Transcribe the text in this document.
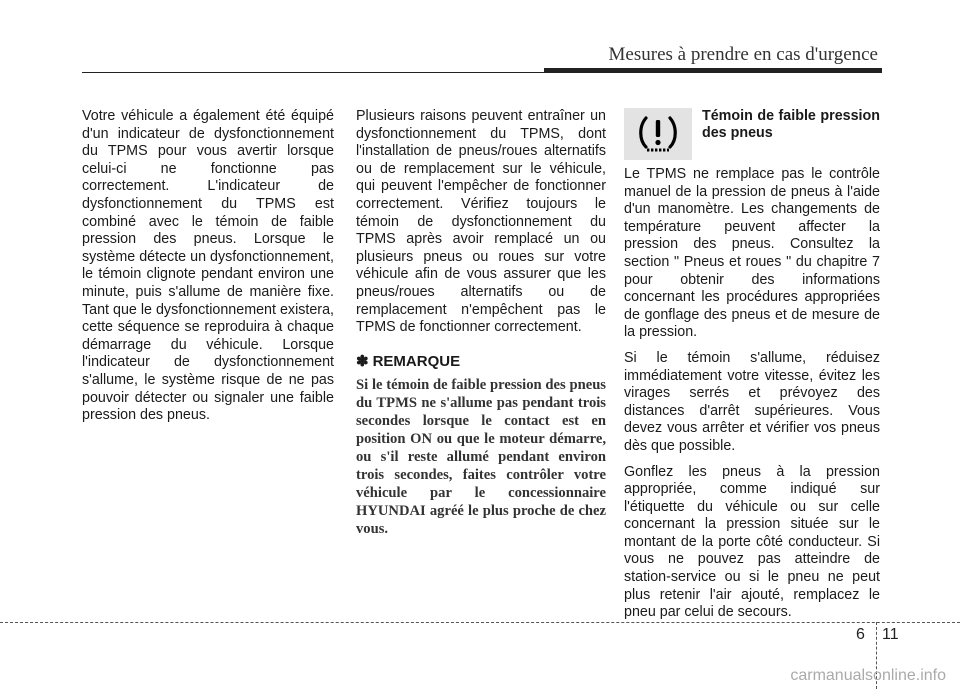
Mesures à prendre en cas d'urgence

Votre véhicule a également été équipé d'un indicateur de dysfonctionnement du TPMS pour vous avertir lorsque celui-ci ne fonctionne pas correctement. L'indicateur de dysfonctionnement du TPMS est combiné avec le témoin de faible pression des pneus. Lorsque le système détecte un dysfonctionnement, le témoin clignote pendant environ une minute, puis s'allume de manière fixe. Tant que le dysfonctionnement existera, cette séquence se reproduira à chaque démarrage du véhicule. Lorsque l'indicateur de dysfonctionnement s'allume, le système risque de ne pas pouvoir détecter ou signaler une faible pression des pneus.

Plusieurs raisons peuvent entraîner un dysfonctionnement du TPMS, dont l'installation de pneus/roues alternatifs ou de remplacement sur le véhicule, qui peuvent l'empêcher de fonctionner correctement. Vérifiez toujours le témoin de dysfonctionnement du TPMS après avoir remplacé un ou plusieurs pneus ou roues sur votre véhicule afin de vous assurer que les pneus/roues alternatifs ou de remplacement n'empêchent pas le TPMS de fonctionner correctement.

✽ REMARQUE
Si le témoin de faible pression des pneus du TPMS ne s'allume pas pendant trois secondes lorsque le contact est en position ON ou que le moteur démarre, ou s'il reste allumé pendant environ trois secondes, faites contrôler votre véhicule par le concessionnaire HYUNDAI agréé le plus proche de chez vous.
Témoin de faible pression des pneus

Le TPMS ne remplace pas le contrôle manuel de la pression de pneus à l'aide d'un manomètre. Les changements de température peuvent affecter la pression des pneus. Consultez la section " Pneus et roues " du chapitre 7 pour obtenir des informations concernant les procédures appropriées de gonflage des pneus et de mesure de la pression.

Si le témoin s'allume, réduisez immédiatement votre vitesse, évitez les virages serrés et prévoyez des distances d'arrêt supérieures. Vous devez vous arrêter et vérifier vos pneus dès que possible.

Gonflez les pneus à la pression appropriée, comme indiqué sur l'étiquette du véhicule ou sur celle concernant la pression située sur le montant de la porte côté conducteur. Si vous ne pouvez pas atteindre de station-service ou si le pneu ne peut plus retenir l'air ajouté, remplacez le pneu par celui de secours.

6 11
carmanualsonline.info
